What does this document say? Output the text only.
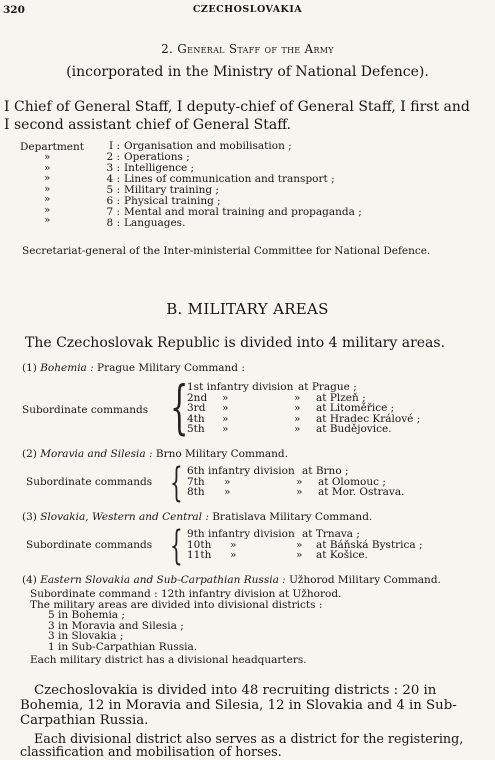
320	CZECHOSLOVAKIA
2. General Staff of the Army
(incorporated in the Ministry of National Defence).
I Chief of General Staff, I deputy-chief of General Staff, I first and
I second assistant chief of General Staff.
Department
»
»
»
»
»
»
»
I : Organisation and mobilisation ;
2 : Operations ;
3 : Intelligence ;
4 : Lines of communication and transport ;
5 : Military training ;
6 : Physical training ;
7 : Mental and moral training and propaganda ;
8 : Languages.
Secretariat-general of the Inter-ministerial Committee for National Defence.
B. MILITARY AREAS
The Czechoslovak Republic is divided into 4 military areas.
(1) Bohemia : Prague Military Command :
Subordinate commands {
1st infantry division
2nd
3rd
4th
5th
»
»
»
»
»
»
»
»
at Prague ;
at Plzeň ;
at Litoměřice ;
at Hradec Králové ;
at Budějovice.
(2) Moravia and Silesia : Brno Military Command.
Subordinate commands { 6th infantry division
7th
8th
»
»
»
»
at Brno ;
at Olomouc ;
at Mor. Ostrava.
(3) Slovakia, Western and Central : Bratislava Military Command.
Subordinate commands { 9th infantry division
10th
11th
»
»
»
»
at Trnava ;
at Báňská Bystrica ;
at Košice.
(4) Eastern Slovakia and Sub-Carpathian Russia : Užhorod Military Command.
Subordinate command : 12th infantry division at Užhorod.
The military areas are divided into divisional districts :
5 in Bohemia ;
3 in Moravia and Silesia ;
3 in Slovakia ;
1 in Sub-Carpathian Russia.
Each military district has a divisional headquarters.
Czechoslovakia is divided into 48 recruiting districts : 20 in
Bohemia, 12 in Moravia and Silesia, 12 in Slovakia and 4 in Sub-
Carpathian Russia.
Each divisional district also serves as a district for the registering,
classification and mobilisation of horses.
